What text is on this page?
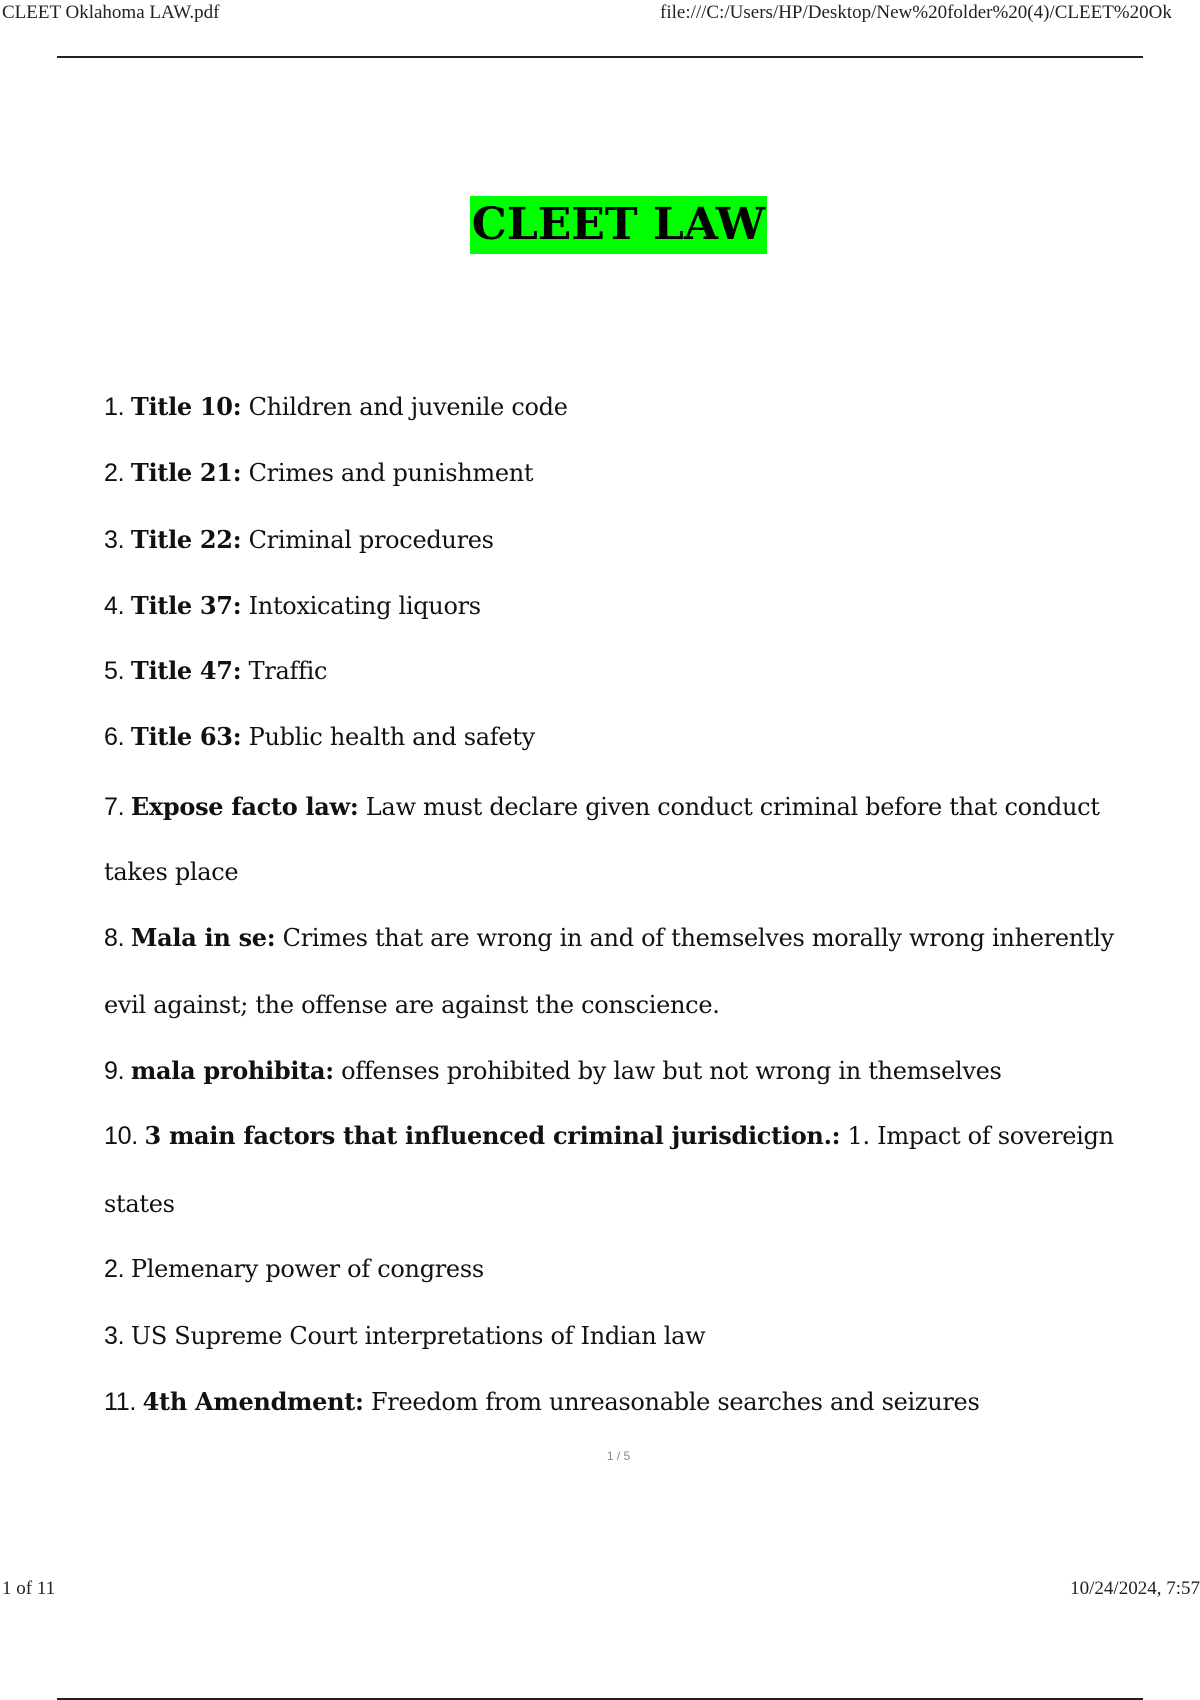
CLEET Oklahoma LAW.pdf	file:///C:/Users/HP/Desktop/New%20folder%20(4)/CLEET%20Ok
CLEET LAW
1. Title 10: Children and juvenile code
2. Title 21: Crimes and punishment
3. Title 22: Criminal procedures
4. Title 37: Intoxicating liquors
5. Title 47: Traffic
6. Title 63: Public health and safety
7. Expose facto law: Law must declare given conduct criminal before that conduct
takes place
8. Mala in se: Crimes that are wrong in and of themselves morally wrong inherently
evil against; the offense are against the conscience.
9. mala prohibita: offenses prohibited by law but not wrong in themselves
10. 3 main factors that influenced criminal jurisdiction.: 1. Impact of sovereign
states
2. Plemenary power of congress
3. US Supreme Court interpretations of Indian law
11. 4th Amendment: Freedom from unreasonable searches and seizures
1 / 5
1 of 11	10/24/2024, 7:57
